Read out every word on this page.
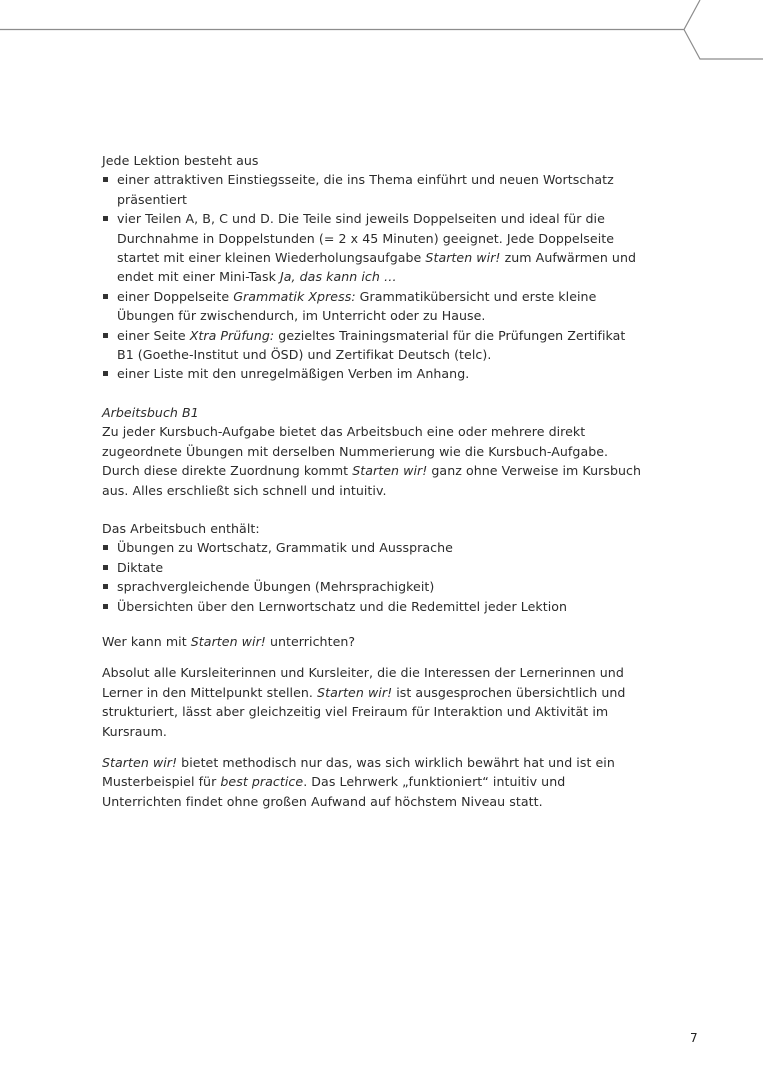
Jede Lektion besteht aus

einer attraktiven Einstiegsseite, die ins Thema einführt und neuen Wortschatz präsentiert
vier Teilen A, B, C und D. Die Teile sind jeweils Doppelseiten und ideal für die Durchnahme in Doppelstunden (= 2 x 45 Minuten) geeignet. Jede Doppelseite startet mit einer kleinen Wiederholungsaufgabe Starten wir! zum Aufwärmen und endet mit einer Mini-Task Ja, das kann ich …
einer Doppelseite Grammatik Xpress: Grammatikübersicht und erste kleine Übungen für zwischendurch, im Unterricht oder zu Hause.
einer Seite Xtra Prüfung: gezieltes Trainingsmaterial für die Prüfungen Zertifikat B1 (Goethe-Institut und ÖSD) und Zertifikat Deutsch (telc).
einer Liste mit den unregelmäßigen Verben im Anhang.

Arbeitsbuch B1

Zu jeder Kursbuch-Aufgabe bietet das Arbeitsbuch eine oder mehrere direkt zugeordnete Übungen mit derselben Nummerierung wie die Kursbuch-Aufgabe. Durch diese direkte Zuordnung kommt Starten wir! ganz ohne Verweise im Kursbuch aus. Alles erschließt sich schnell und intuitiv.

Das Arbeitsbuch enthält:

Übungen zu Wortschatz, Grammatik und Aussprache
Diktate
sprachvergleichende Übungen (Mehrsprachigkeit)
Übersichten über den Lernwortschatz und die Redemittel jeder Lektion

Wer kann mit Starten wir! unterrichten?

Absolut alle Kursleiterinnen und Kursleiter, die die Interessen der Lernerinnen und Lerner in den Mittelpunkt stellen. Starten wir! ist ausgesprochen übersichtlich und strukturiert, lässt aber gleichzeitig viel Freiraum für Interaktion und Aktivität im Kursraum.

Starten wir! bietet methodisch nur das, was sich wirklich bewährt hat und ist ein Musterbeispiel für best practice. Das Lehrwerk „funktioniert“ intuitiv und Unterrichten findet ohne großen Aufwand auf höchstem Niveau statt.

7
